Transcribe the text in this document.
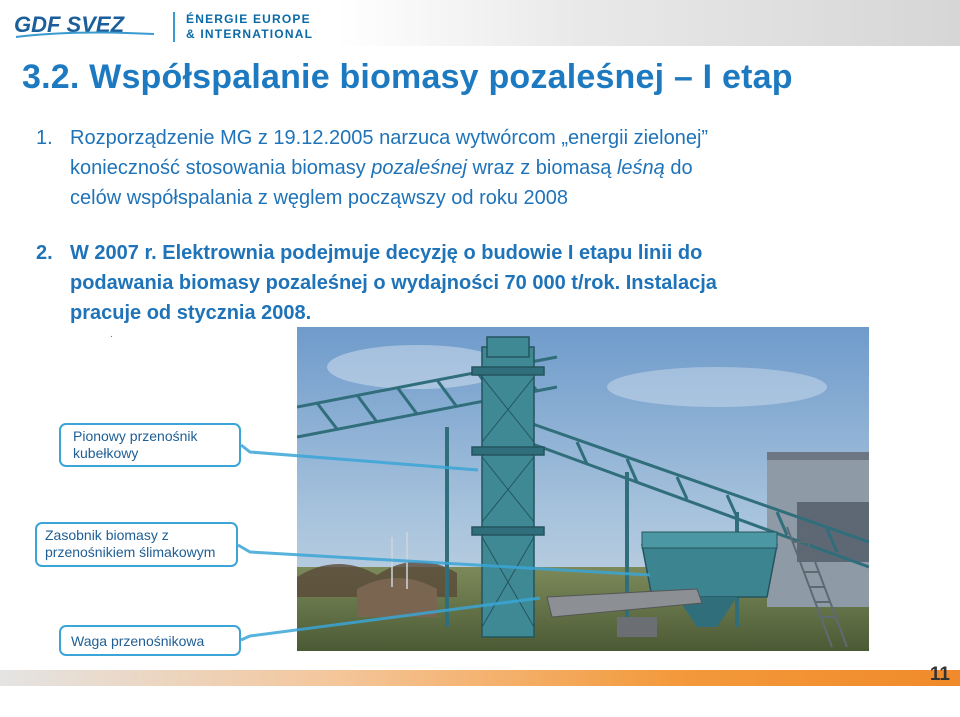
GDF SVEZ	ÉNERGIE EUROPE
& INTERNATIONAL
3.2. Współspalanie biomasy pozaleśnej – I etap
1. Rozporządzenie MG z 19.12.2005 narzuca wytwórcom „energii zielonej”
konieczność stosowania biomasy pozaleśnej wraz z biomasą leśną do
celów współspalania z węglem począwszy od roku 2008
2. W 2007 r. Elektrownia podejmuje decyzję o budowie I etapu linii do
podawania biomasy pozaleśnej o wydajności 70 000 t/rok. Instalacja
pracuje od stycznia 2008.
.
Pionowy przenośnik
kubełkowy
Zasobnik biomasy z
przenośnikiem ślimakowym
Waga przenośnikowa
11
